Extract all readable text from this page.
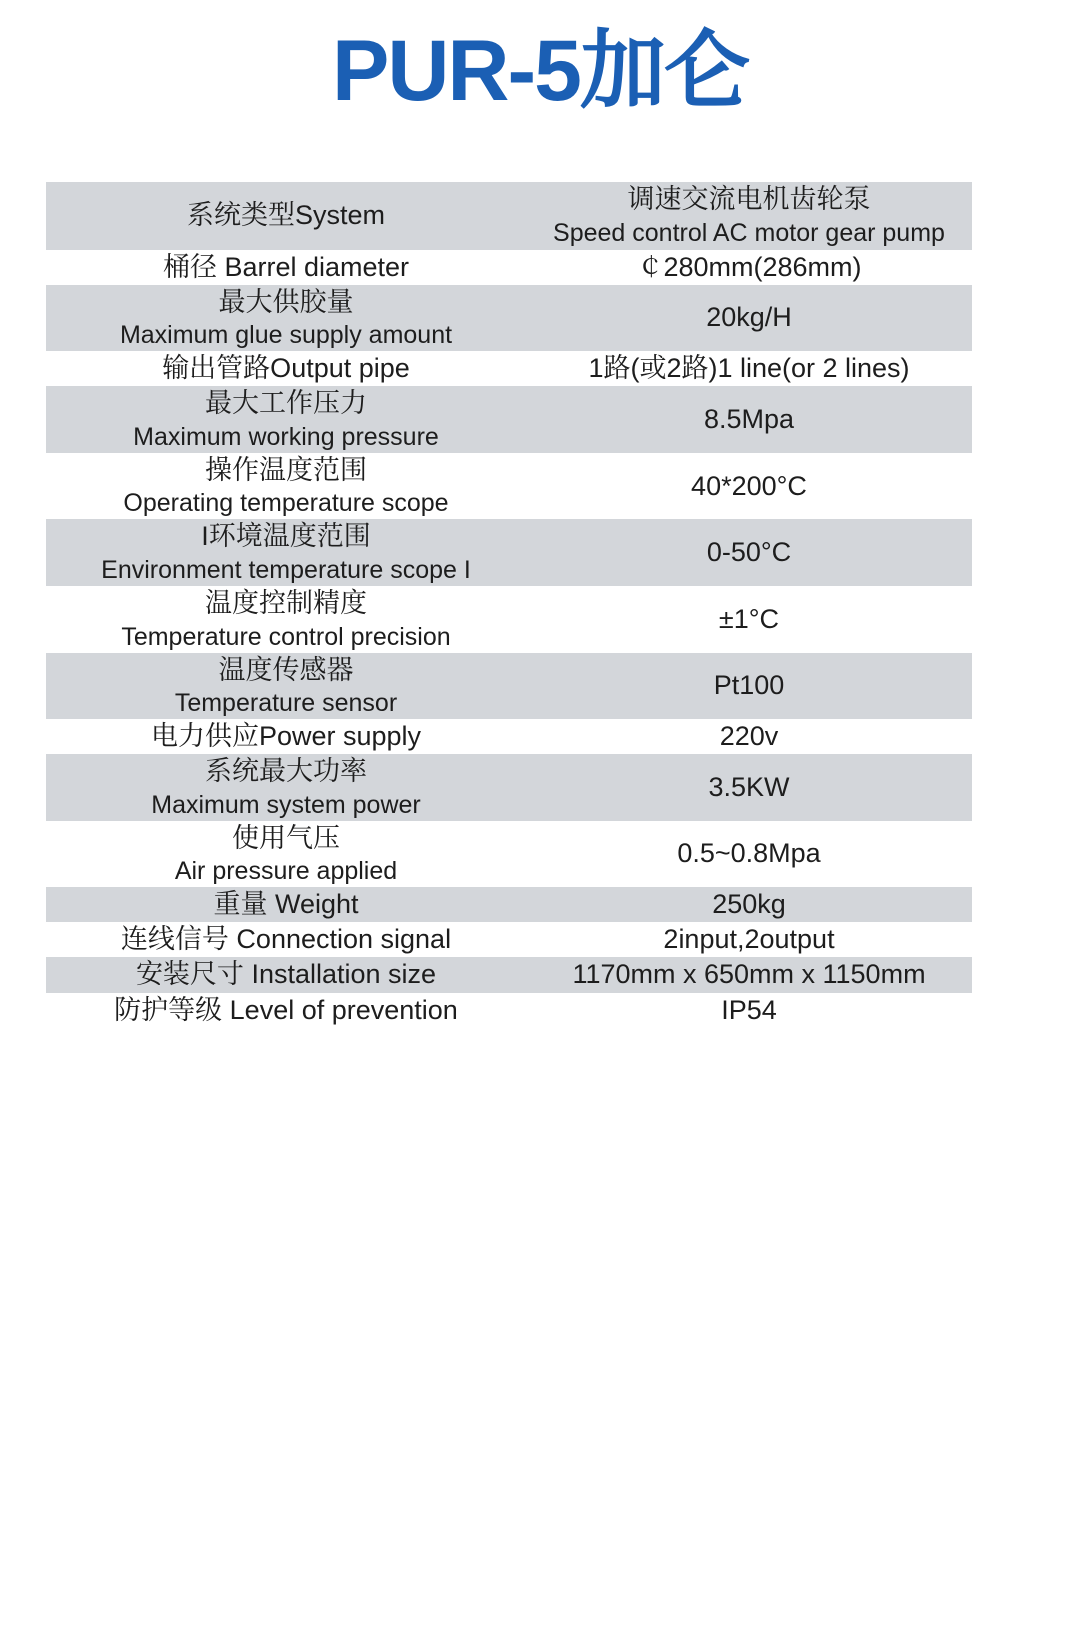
PUR-5加仑
系统类型System	调速交流电机齿轮泵
Speed control AC motor gear pump

桶径 Barrel diameter	￠280mm(286mm)

最大供胶量
Maximum glue supply amount	20kg/H

输出管路Output pipe	1路(或2路)1 line(or 2 lines)

最大工作压力
Maximum working pressure	8.5Mpa

操作温度范围
Operating temperature scope	40*200°C

I环境温度范围
Environment temperature scope I	0-50°C

温度控制精度
Temperature control precision	±1°C

温度传感器
Temperature sensor	Pt100

电力供应Power supply	220v

系统最大功率
Maximum system power	3.5KW

使用气压
Air pressure applied	0.5~0.8Mpa

重量 Weight	250kg

连线信号 Connection signal	2input,2output

安装尺寸 Installation size	1170mm x 650mm x 1150mm

防护等级 Level of prevention	IP54
